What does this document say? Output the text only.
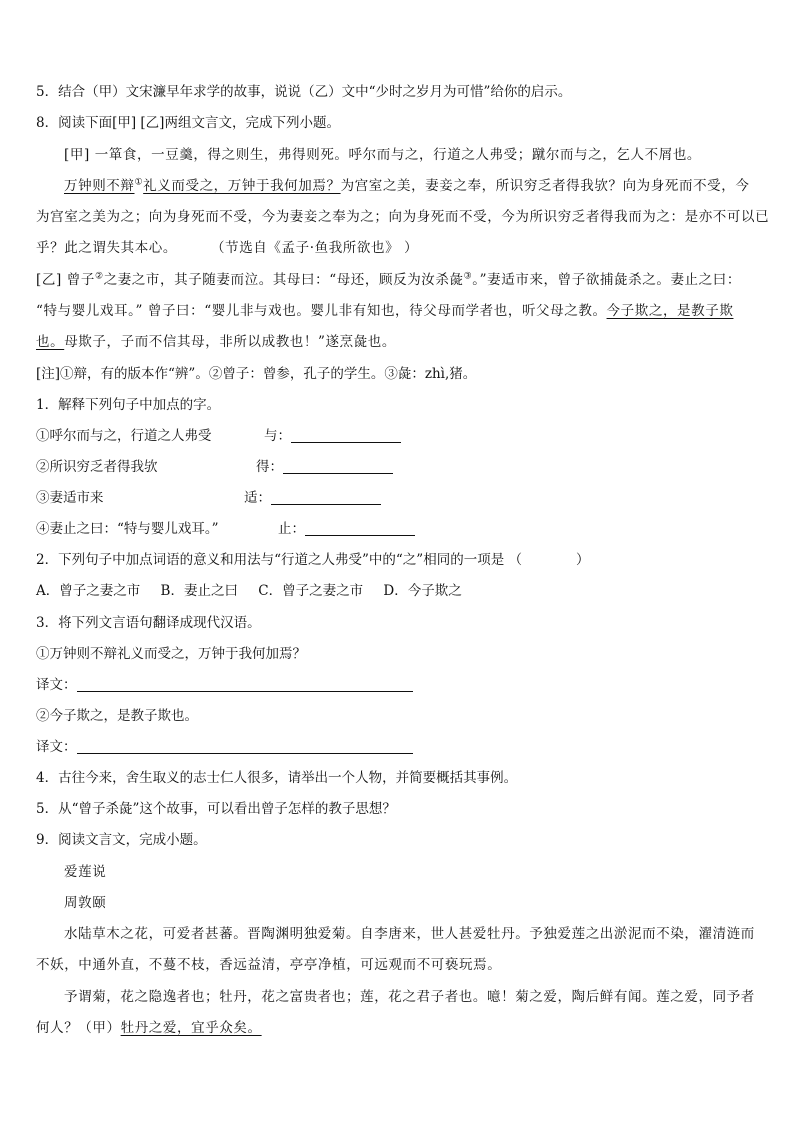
5．结合（甲）文宋濂早年求学的故事，说说（乙）文中“少时之岁月为可惜”给你的启示。
8．阅读下面[甲] [乙]两组文言文，完成下列小题。
[甲] 一箪食，一豆羹，得之则生，弗得则死。呼尔而与之，行道之人弗受；蹴尔而与之，乞人不屑也。
万钟则不辩①礼义而受之，万钟于我何加焉？为宫室之美，妻妾之奉，所识穷乏者得我欤？向为身死而不受，今
为宫室之美为之；向为身死而不受，今为妻妾之奉为之；向为身死而不受，今为所识穷乏者得我而为之：是亦不可以已
乎？此之谓失其本心。	（节选自《孟子·鱼我所欲也》 ）
[乙] 曾子②之妻之市，其子随妻而泣。其母曰：“母还，顾反为汝杀彘③。”妻适市来，曾子欲捕彘杀之。妻止之曰：
“特与婴儿戏耳。” 曾子曰：“婴儿非与戏也。婴儿非有知也，待父母而学者也，听父母之教。今子欺之，是教子欺
也。母欺子，子而不信其母，非所以成教也！”遂烹彘也。
[注]①辩，有的版本作“辨”。②曾子：曾参，孔子的学生。③彘：zhì,猪。
1．解释下列句子中加点的字。
①呼尔而与之，行道之人弗受	与：
②所识穷乏者得我欤	得：
③妻适市来	适：
④妻止之曰：“特与婴儿戏耳。”	止：
2．下列句子中加点词语的意义和用法与“行道之人弗受”中的“之”相同的一项是 （　　　　）
A．曾子之妻之市 B．妻止之曰 C．曾子之妻之市 D．今子欺之
3．将下列文言语句翻译成现代汉语。
①万钟则不辩礼义而受之，万钟于我何加焉？
译文：
②今子欺之，是教子欺也。
译文：
4．古往今来，舍生取义的志士仁人很多，请举出一个人物，并简要概括其事例。
5．从“曾子杀彘”这个故事，可以看出曾子怎样的教子思想？
9．阅读文言文，完成小题。
爱莲说
周敦颐
水陆草木之花，可爱者甚蕃。晋陶渊明独爱菊。自李唐来，世人甚爱牡丹。予独爱莲之出淤泥而不染，濯清涟而
不妖，中通外直，不蔓不枝，香远益清，亭亭净植，可远观而不可亵玩焉。
予谓菊，花之隐逸者也；牡丹，花之富贵者也；莲，花之君子者也。噫！菊之爱，陶后鲜有闻。莲之爱，同予者
何人？（甲）牡丹之爱，宜乎众矣。
